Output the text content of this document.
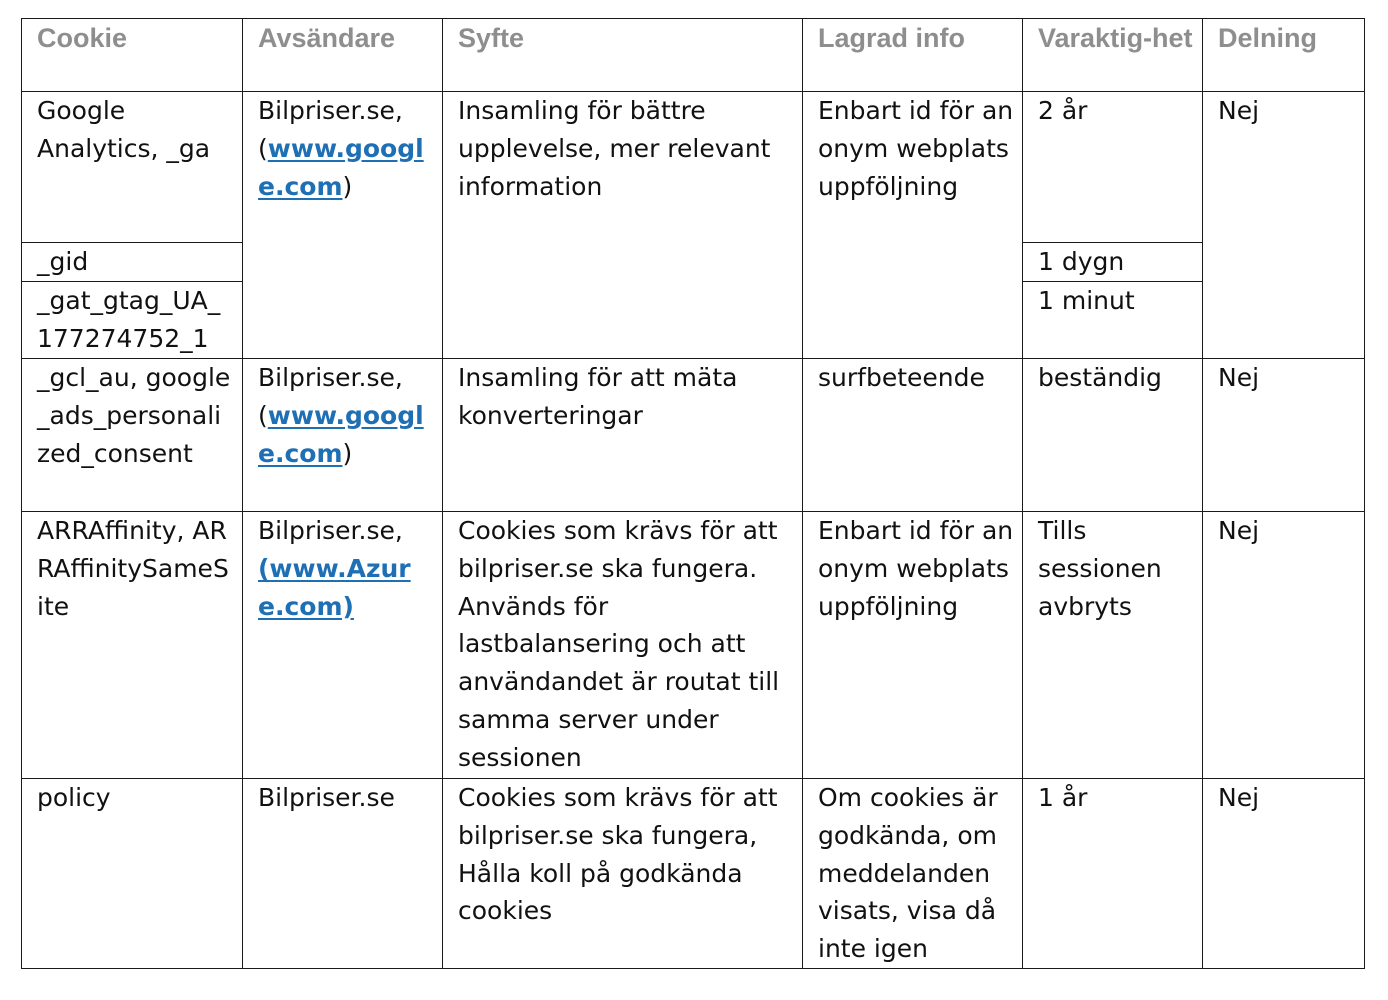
Cookie	Avsändare	Syfte	Lagrad info	Varaktig-het	Delning
Google Analytics, _ga	Bilpriser.se, (www.google.com)	Insamling för bättre upplevelse, mer relevant information	Enbart id för anonym webplatsuppföljning	2 år	Nej
_gid				1 dygn	
_gat_gtag_UA_177274752_1				1 minut	
_gcl_au, google_ads_personalized_consent	Bilpriser.se, (www.google.com)	Insamling för att mäta konverteringar	surfbeteende	beständig	Nej
ARRAffinity, ARRAffinitySameSite	Bilpriser.se, (www.Azure.com)	Cookies som krävs för att bilpriser.se ska fungera. Används för lastbalansering och att användandet är routat till samma server under sessionen	Enbart id för anonym webplatsuppföljning	Tills sessionen avbryts	Nej
policy	Bilpriser.se	Cookies som krävs för att bilpriser.se ska fungera, Hålla koll på godkända cookies	Om cookies är godkända, om meddelanden visats, visa då inte igen	1 år	Nej
